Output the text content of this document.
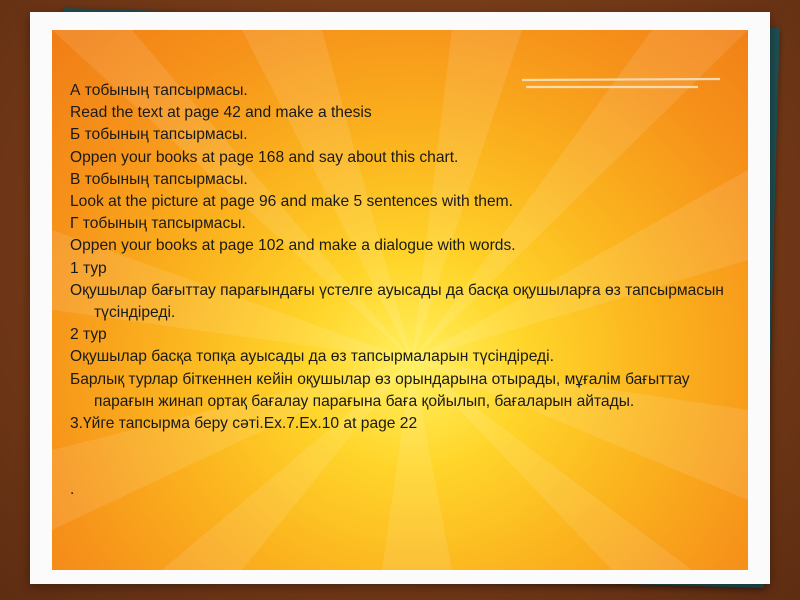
А тобының тапсырмасы.
Read the text at page 42 and make a thesis
Б тобының тапсырмасы.
Oppen your books at page 168 and say about this chart.
В тобының тапсырмасы.
Look at the picture at page 96 and make 5 sentences with them.
Г тобының тапсырмасы.
Oppen your books at page 102 and make a dialogue with words.
1 тур
Оқушылар бағыттау парағындағы үстелге ауысады да басқа оқушыларға өз тапсырмасын түсіндіреді.
2 тур
Оқушылар басқа топқа ауысады да өз тапсырмаларын түсіндіреді.
Барлық турлар біткеннен кейін оқушылар өз орындарына отырады, мұғалім бағыттау парағын жинап ортақ бағалау парағына баға қойылып, бағаларын айтады.
3.Үйге тапсырма беру сәті.Ex.7.Ex.10 at page 22
.
